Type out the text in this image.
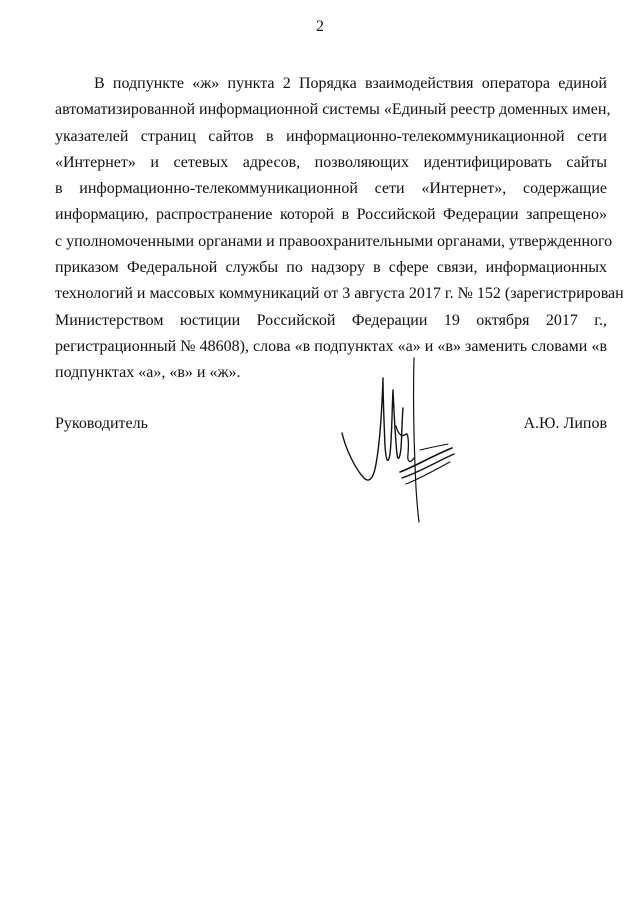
2
В подпункте «ж» пункта 2 Порядка взаимодействия оператора единой
автоматизированной информационной системы «Единый реестр доменных имен,
указателей страниц сайтов в информационно-телекоммуникационной сети
«Интернет» и сетевых адресов, позволяющих идентифицировать сайты
в информационно-телекоммуникационной сети «Интернет», содержащие
информацию, распространение которой в Российской Федерации запрещено»
с уполномоченными органами и правоохранительными органами, утвержденного
приказом Федеральной службы по надзору в сфере связи, информационных
технологий и массовых коммуникаций от 3 августа 2017 г. № 152 (зарегистрирован
Министерством юстиции Российской Федерации 19 октября 2017 г.,
регистрационный № 48608), слова «в подпунктах «а» и «в» заменить словами «в
подпунктах «а», «в» и «ж».
Руководитель	А.Ю. Липов
